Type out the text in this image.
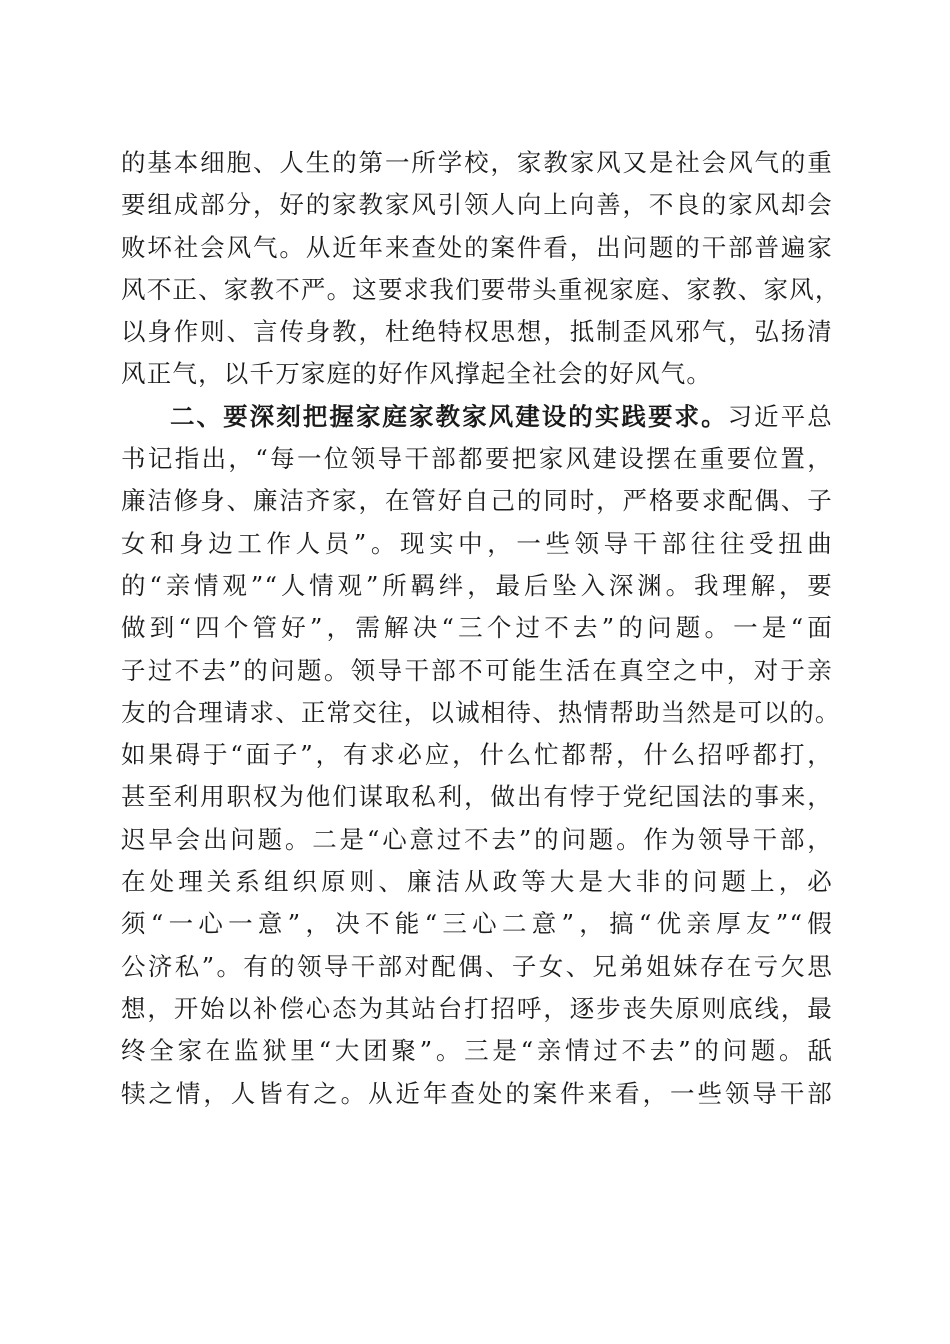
的基本细胞、人生的第一所学校，家教家风又是社会风气的重
要组成部分，好的家教家风引领人向上向善，不良的家风却会
败坏社会风气。从近年来查处的案件看，出问题的干部普遍家
风不正、家教不严。这要求我们要带头重视家庭、家教、家风，
以身作则、言传身教，杜绝特权思想，抵制歪风邪气，弘扬清
风正气，以千万家庭的好作风撑起全社会的好风气。
二、要深刻把握家庭家教家风建设的实践要求。习近平总
书记指出，“每一位领导干部都要把家风建设摆在重要位置，
廉洁修身、廉洁齐家，在管好自己的同时，严格要求配偶、子
女和身边工作人员”。现实中，一些领导干部往往受扭曲
的“亲情观”“人情观”所羁绊，最后坠入深渊。我理解，要
做到“四个管好”，需解决“三个过不去”的问题。一是“面
子过不去”的问题。领导干部不可能生活在真空之中，对于亲
友的合理请求、正常交往，以诚相待、热情帮助当然是可以的。
如果碍于“面子”，有求必应，什么忙都帮，什么招呼都打，
甚至利用职权为他们谋取私利，做出有悖于党纪国法的事来，
迟早会出问题。二是“心意过不去”的问题。作为领导干部，
在处理关系组织原则、廉洁从政等大是大非的问题上，必
须“一心一意”，决不能“三心二意”，搞“优亲厚友”“假
公济私”。有的领导干部对配偶、子女、兄弟姐妹存在亏欠思
想，开始以补偿心态为其站台打招呼，逐步丧失原则底线，最
终全家在监狱里“大团聚”。三是“亲情过不去”的问题。舐
犊之情，人皆有之。从近年查处的案件来看，一些领导干部
